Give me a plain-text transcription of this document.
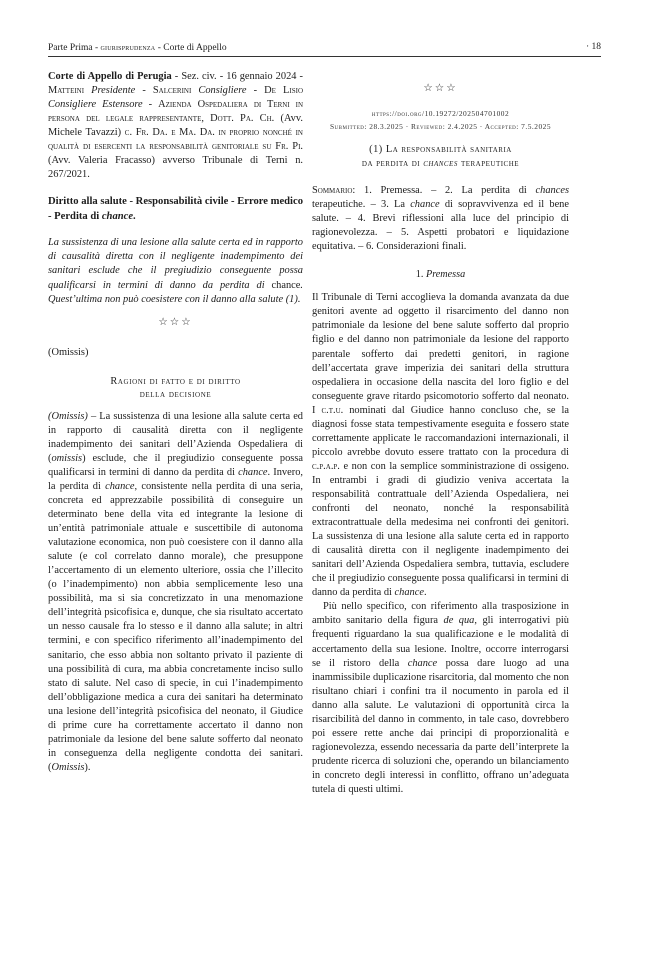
Parte Prima - giurisprudenza - Corte di Appello	· 18

Corte di Appello di Perugia - Sez. civ. - 16 gennaio 2024 - Matteini Presidente - Salcerini Consigliere - De Lisio Consigliere Estensore - Azienda Ospedaliera di Terni in persona del legale rappresentante, Dott. Pa. Ch. (Avv. Michele Tavazzi) c. Fr. Da. e Ma. Da. in proprio nonché in qualità di esercenti la responsabilità genitoriale su Fr. Pi. (Avv. Valeria Fracasso) avverso Tribunale di Terni n. 267/2021.

Diritto alla salute - Responsabilità civile - Errore medico - Perdita di chance.

La sussistenza di una lesione alla salute certa ed in rapporto di causalità diretta con il negligente inadempimento dei sanitari esclude che il pregiudizio conseguente possa qualificarsi in termini di danno da perdita di chance. Quest’ultima non può coesistere con il danno alla salute (1).

☆☆☆

(Omissis)

Ragioni di fatto e di diritto
della decisione

(Omissis) – La sussistenza di una lesione alla salute certa ed in rapporto di causalità diretta con il negligente inadempimento dei sanitari dell’Azienda Ospedaliera di (omissis) esclude, che il pregiudizio conseguente possa qualificarsi in termini di danno da perdita di chance. Invero, la perdita di chance, consistente nella perdita di una seria, concreta ed apprezzabile possibilità di conseguire un determinato bene della vita ed integrante la lesione di un’entità patrimoniale attuale e suscettibile di autonoma valutazione economica, non può coesistere con il danno alla salute (e col correlato danno morale), che presuppone l’accertamento di un elemento ulteriore, ossia che l’illecito (o l’inadempimento) non abbia semplicemente leso una possibilità, ma si sia concretizzato in una menomazione dell’integrità psicofisica e, dunque, che sia risultato accertato un nesso causale fra lo stesso e il danno alla salute; in altri termini, e con specifico riferimento all’inadempimento del sanitario, che esso abbia non soltanto privato il paziente di una possibilità di cura, ma abbia concretamente inciso sullo stato di salute. Nel caso di specie, in cui l’inadempimento dell’obbligazione medica a cura dei sanitari ha determinato una lesione dell’integrità psicofisica del neonato, il Giudice di prime cure ha correttamente accertato il danno non patrimoniale da lesione del bene salute sofferto dal neonato in conseguenza della negligente condotta dei sanitari. (Omissis).

☆☆☆

https://doi.org/10.19272/202504701002

Submitted: 28.3.2025 · Reviewed: 2.4.2025 · Accepted: 7.5.2025

(1) La responsabilità sanitaria
da perdita di chances terapeutiche

Sommario: 1. Premessa. – 2. La perdita di chances terapeutiche. – 3. La chance di sopravvivenza ed il bene salute. – 4. Brevi riflessioni alla luce del principio di ragionevolezza. – 5. Aspetti probatori e liquidazione equitativa. – 6. Considerazioni finali.

1. Premessa

Il Tribunale di Terni accoglieva la domanda avanzata da due genitori avente ad oggetto il risarcimento del danno non patrimoniale da lesione del bene salute sofferto dal proprio figlio e del danno non patrimoniale da lesione del rapporto parentale sofferto dai predetti genitori, in ragione dell’accertata grave imperizia dei sanitari della struttura ospedaliera in occasione della nascita del loro figlio e del conseguente grave ritardo psicomotorio sofferto dal neonato. I c.t.u. nominati dal Giudice hanno concluso che, se la diagnosi fosse stata tempestivamente eseguita e fossero state correttamente applicate le raccomandazioni internazionali, il piccolo avrebbe dovuto essere trattato con la procedura di c.p.a.p. e non con la semplice somministrazione di ossigeno. In entrambi i gradi di giudizio veniva accertata la responsabilità contrattuale dell’Azienda Ospedaliera, nei confronti del neonato, nonché la responsabilità extracontrattuale della medesima nei confronti dei genitori. La sussistenza di una lesione alla salute certa ed in rapporto di causalità diretta con il negligente inadempimento dei sanitari dell’Azienda Ospedaliera sembra, tuttavia, escludere che il pregiudizio conseguente possa qualificarsi in termini di danno da perdita di chance.

Più nello specifico, con riferimento alla trasposizione in ambito sanitario della figura de qua, gli interrogativi più frequenti riguardano la sua qualificazione e le modalità di accertamento della sua lesione. Inoltre, occorre interrogarsi se il ristoro della chance possa dare luogo ad una inammissibile duplicazione risarcitoria, dal momento che non risultano chiari i confini tra il nocumento in parola ed il danno alla salute. Le valutazioni di opportunità circa la risarcibilità del danno in commento, in tale caso, dovrebbero poi essere rette anche dai principi di proporzionalità e ragionevolezza, essendo necessaria da parte dell’interprete la prudente ricerca di soluzioni che, operando un bilanciamento in concreto degli interessi in conflitto, offrano un’adeguata tutela di questi ultimi.
